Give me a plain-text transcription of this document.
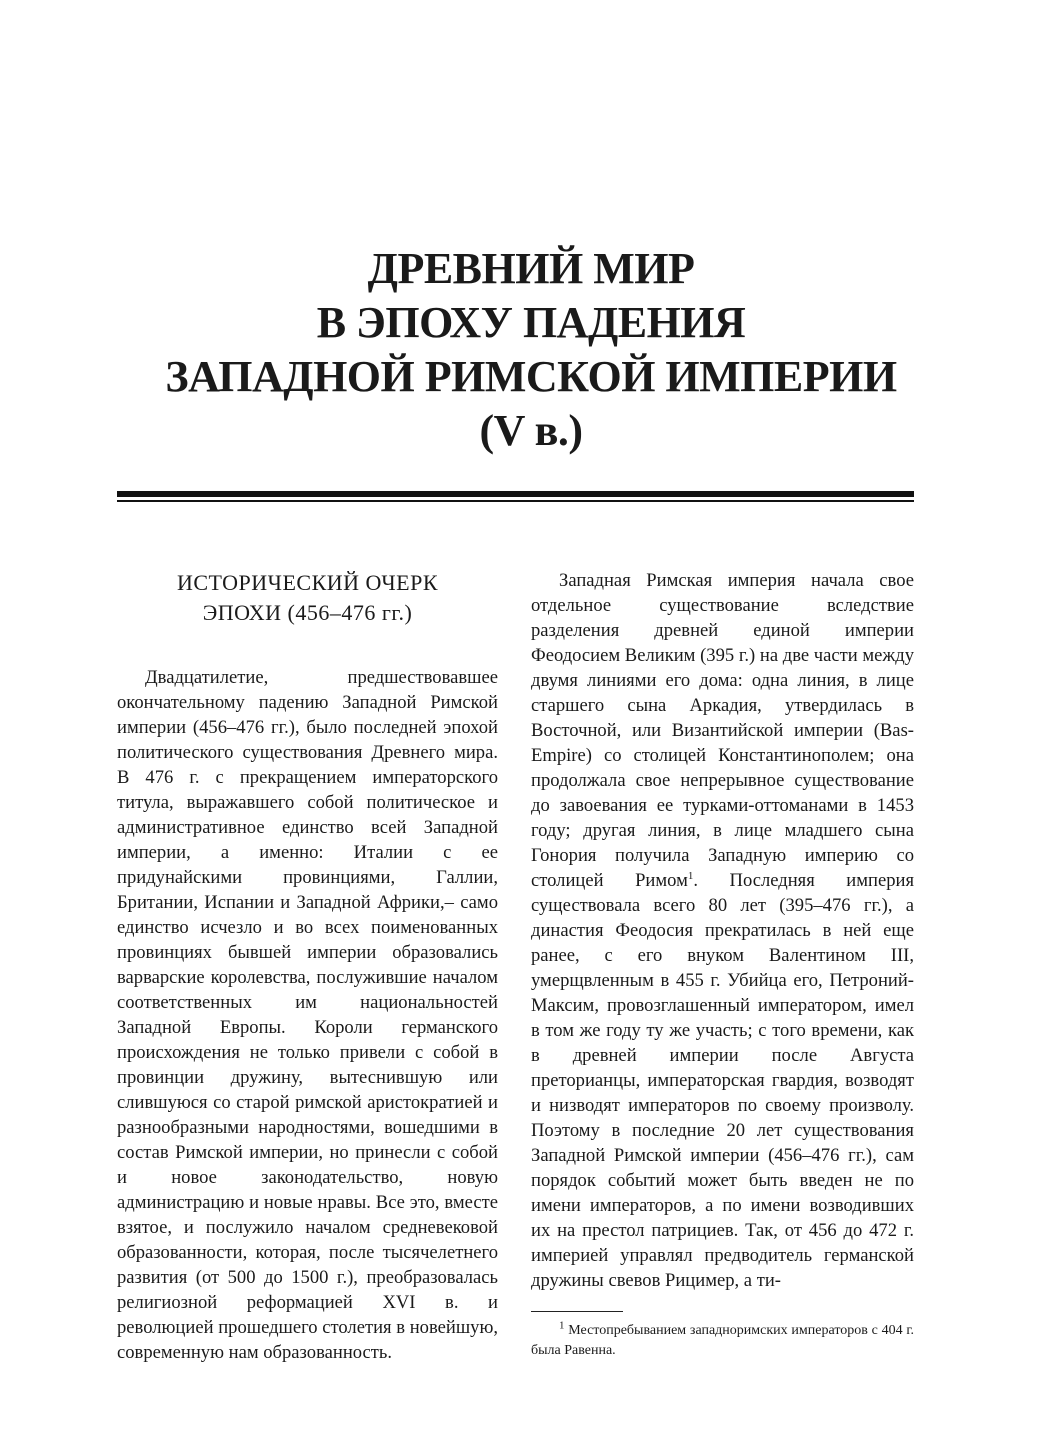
ДРЕВНИЙ МИР
В ЭПОХУ ПАДЕНИЯ
ЗАПАДНОЙ РИМСКОЙ ИМПЕРИИ
(V в.)
ИСТОРИЧЕСКИЙ ОЧЕРК
ЭПОХИ (456–476 гг.)

Двадцатилетие, предшествовавшее окончательному падению Западной Римской империи (456–476 гг.), было последней эпохой политического существования Древнего мира. В 476 г. с прекращением императорского титула, выражавшего собой политическое и административное единство всей Западной империи, а именно: Италии с ее придунайскими провинциями, Галлии, Британии, Испании и Западной Африки,– само единство исчезло и во всех поименованных провинциях бывшей империи образовались варварские королевства, послужившие началом соответственных им национальностей Западной Европы. Короли германского происхождения не только привели с собой в провинции дружину, вытеснившую или слившуюся со старой римской аристократией и разнообразными народностями, вошедшими в состав Римской империи, но принесли с собой и новое законодательство, новую администрацию и новые нравы. Все это, вместе взятое, и послужило началом средневековой образованности, которая, после тысячелетнего развития (от 500 до 1500 г.), преобразовалась религиозной реформацией XVI в. и революцией прошедшего столетия в новейшую, современную нам образованность.

Западная Римская империя начала свое отдельное существование вследствие разделения древней единой империи Феодосием Великим (395 г.) на две части между двумя линиями его дома: одна линия, в лице старшего сына Аркадия, утвердилась в Восточной, или Византийской империи (Bas-Empire) со столицей Константинополем; она продолжала свое непрерывное существование до завоевания ее турками-оттоманами в 1453 году; другая линия, в лице младшего сына Гонория получила Западную империю со столицей Римом$^1$. Последняя империя существовала всего 80 лет (395–476 гг.), а династия Феодосия прекратилась в ней еще ранее, с его внуком Валентином III, умерщвленным в 455 г. Убийца его, Петроний-Максим, провозглашенный императором, имел в том же году ту же участь; с того времени, как в древней империи после Августа преторианцы, императорская гвардия, возводят и низводят императоров по своему произволу. Поэтому в последние 20 лет существования Западной Римской империи (456–476 гг.), сам порядок событий может быть введен не по имени императоров, а по имени возводивших их на престол патрициев. Так, от 456 до 472 г. империей управлял предводитель германской дружины свевов Рицимер, а ти-

$^1$ Местопребыванием западноримских императоров с 404 г. была Равенна.
